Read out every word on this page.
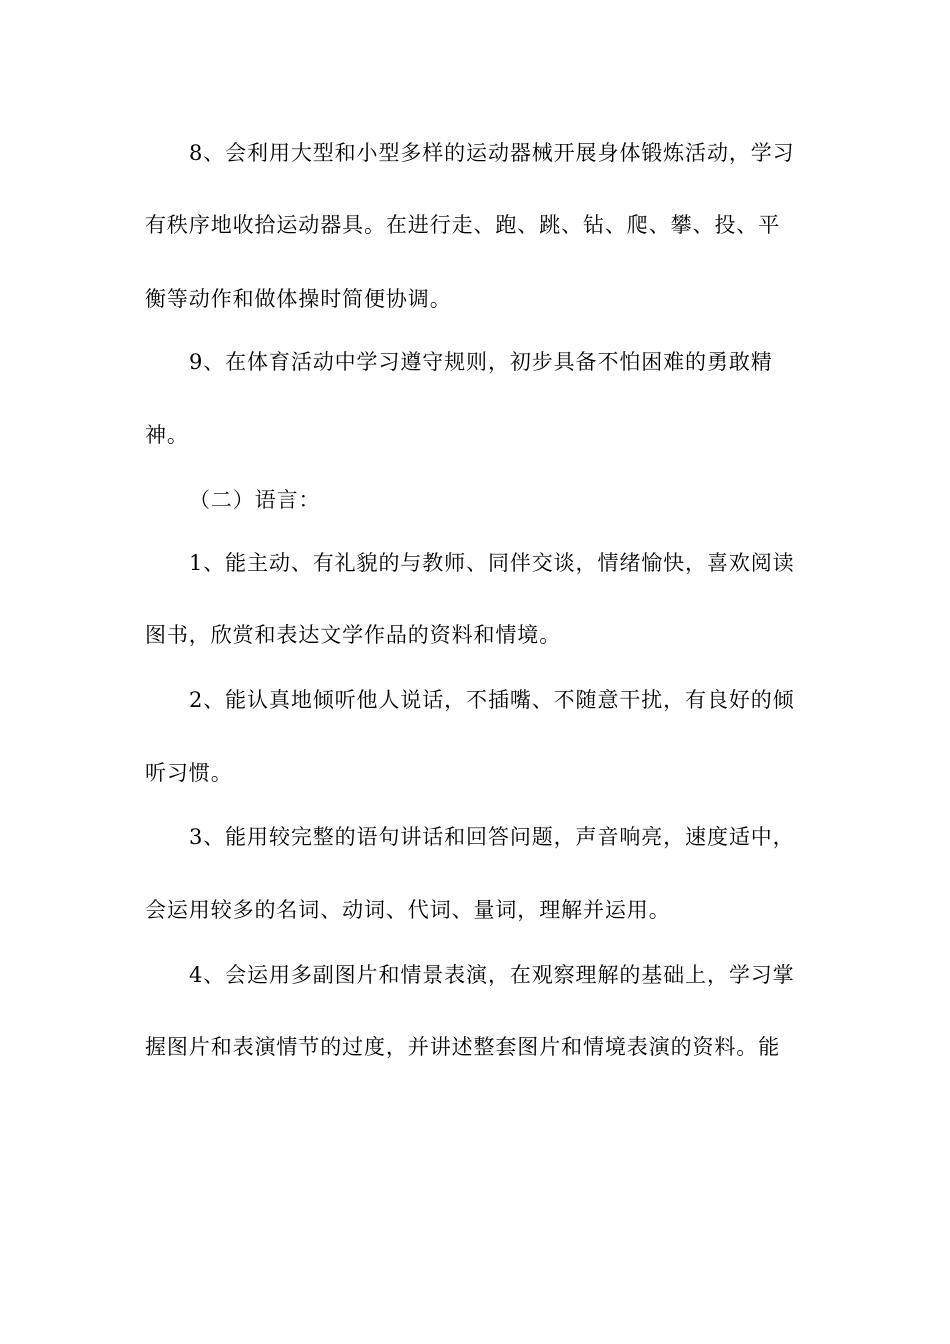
8、会利用大型和小型多样的运动器械开展身体锻炼活动，学习
有秩序地收拾运动器具。在进行走、跑、跳、钻、爬、攀、投、平
衡等动作和做体操时简便协调。
9、在体育活动中学习遵守规则，初步具备不怕困难的勇敢精
神。
（二）语言：
1、能主动、有礼貌的与教师、同伴交谈，情绪愉快，喜欢阅读
图书，欣赏和表达文学作品的资料和情境。
2、能认真地倾听他人说话，不插嘴、不随意干扰，有良好的倾
听习惯。
3、能用较完整的语句讲话和回答问题，声音响亮，速度适中，
会运用较多的名词、动词、代词、量词，理解并运用。
4、会运用多副图片和情景表演，在观察理解的基础上，学习掌
握图片和表演情节的过度，并讲述整套图片和情境表演的资料。能
